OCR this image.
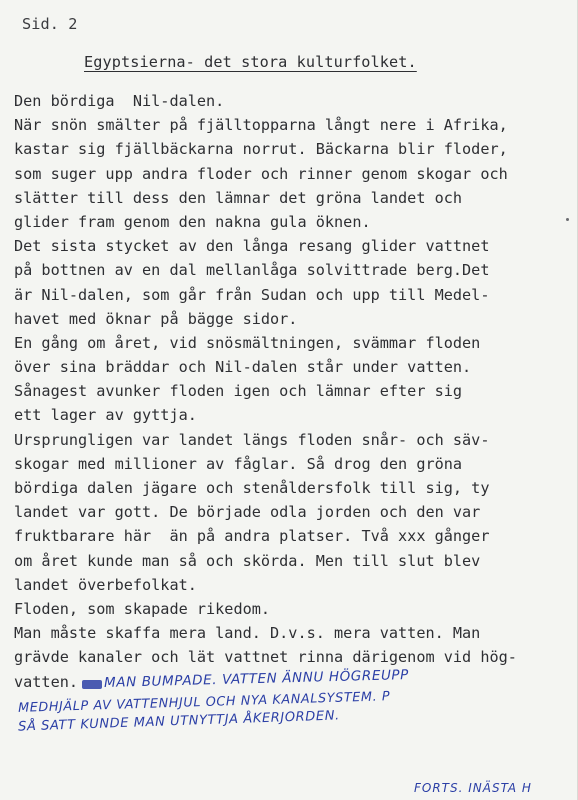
Sid. 2
Egyptsierna- det stora kulturfolket.
Den bördiga  Nil-dalen.
När snön smälter på fjälltopparna långt nere i Afrika,
kastar sig fjällbäckarna norrut. Bäckarna blir floder,
som suger upp andra floder och rinner genom skogar och
slätter till dess den lämnar det gröna landet och
glider fram genom den nakna gula öknen.
Det sista stycket av den långa resang glider vattnet
på bottnen av en dal mellanlåga solvittrade berg.Det
är Nil-dalen, som går från Sudan och upp till Medel-
havet med öknar på bägge sidor.
En gång om året, vid snösmältningen, svämmar floden
över sina bräddar och Nil-dalen står under vatten.
Sånagest avunker floden igen och lämnar efter sig
ett lager av gyttja.
Ursprungligen var landet längs floden snår- och säv-
skogar med millioner av fåglar. Så drog den gröna
bördiga dalen jägare och stenåldersfolk till sig, ty
landet var gott. De började odla jorden och den var
fruktbarare här  än på andra platser. Två xxx gånger
om året kunde man så och skörda. Men till slut blev
landet överbefolkat.
Floden, som skapade rikedom.
Man måste skaffa mera land. D.v.s. mera vatten. Man
grävde kanaler och lät vattnet rinna därigenom vid hög-
vatten.	MAN BUMPADE. VATTEN ÄNNU HÖGREUPP
MEDHJÄLP AV VATTENHJUL OCH NYA KANALSYSTEM. P
SÅ SATT KUNDE MAN UTNYTTJA ÅKERJORDEN.
FORTS. INÄSTA H
